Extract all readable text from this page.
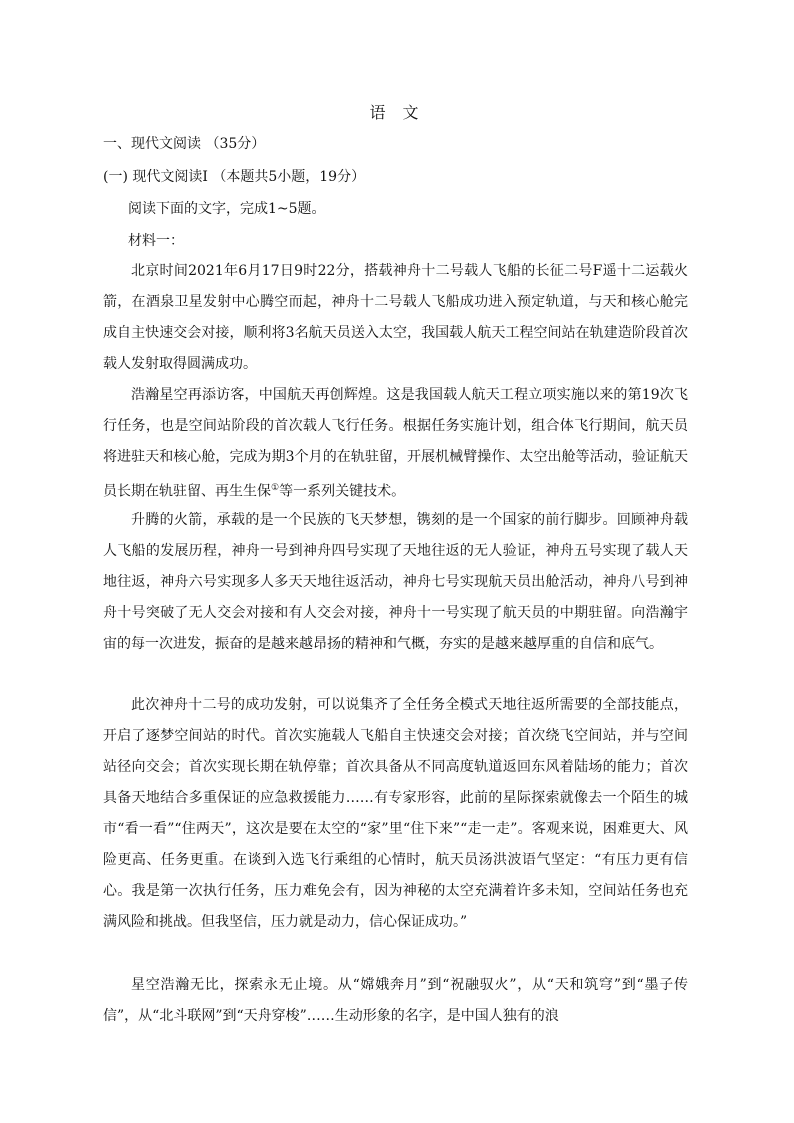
语 文
一、现代文阅读 （35分）
(一) 现代文阅读Ⅰ （本题共5小题，19分）
阅读下面的文字，完成1~5题。
材料一：
北京时间2021年6月17日9时22分，搭载神舟十二号载人飞船的长征二号F遥十二运载火箭，在酒泉卫星发射中心腾空而起，神舟十二号载人飞船成功进入预定轨道，与天和核心舱完成自主快速交会对接，顺利将3名航天员送入太空，我国载人航天工程空间站在轨建造阶段首次载人发射取得圆满成功。
浩瀚星空再添访客，中国航天再创辉煌。这是我国载人航天工程立项实施以来的第19次飞行任务，也是空间站阶段的首次载人飞行任务。根据任务实施计划，组合体飞行期间，航天员将进驻天和核心舱，完成为期3个月的在轨驻留，开展机械臂操作、太空出舱等活动，验证航天员长期在轨驻留、再生生保①等一系列关键技术。
升腾的火箭，承载的是一个民族的飞天梦想，镌刻的是一个国家的前行脚步。回顾神舟载人飞船的发展历程，神舟一号到神舟四号实现了天地往返的无人验证，神舟五号实现了载人天地往返，神舟六号实现多人多天天地往返活动，神舟七号实现航天员出舱活动，神舟八号到神舟十号突破了无人交会对接和有人交会对接，神舟十一号实现了航天员的中期驻留。向浩瀚宇宙的每一次进发，振奋的是越来越昂扬的精神和气概，夯实的是越来越厚重的自信和底气。
此次神舟十二号的成功发射，可以说集齐了全任务全模式天地往返所需要的全部技能点，开启了逐梦空间站的时代。首次实施载人飞船自主快速交会对接；首次绕飞空间站，并与空间站径向交会；首次实现长期在轨停靠；首次具备从不同高度轨道返回东风着陆场的能力；首次具备天地结合多重保证的应急救援能力……有专家形容，此前的星际探索就像去一个陌生的城市“看一看”“住两天”，这次是要在太空的“家”里“住下来”“走一走”。客观来说，困难更大、风险更高、任务更重。在谈到入选飞行乘组的心情时，航天员汤洪波语气坚定：“有压力更有信心。我是第一次执行任务，压力难免会有，因为神秘的太空充满着许多未知，空间站任务也充满风险和挑战。但我坚信，压力就是动力，信心保证成功。”
星空浩瀚无比，探索永无止境。从“嫦娥奔月”到“祝融驭火”，从“天和筑穹”到“墨子传信”，从“北斗联网”到“天舟穿梭”……生动形象的名字，是中国人独有的浪
